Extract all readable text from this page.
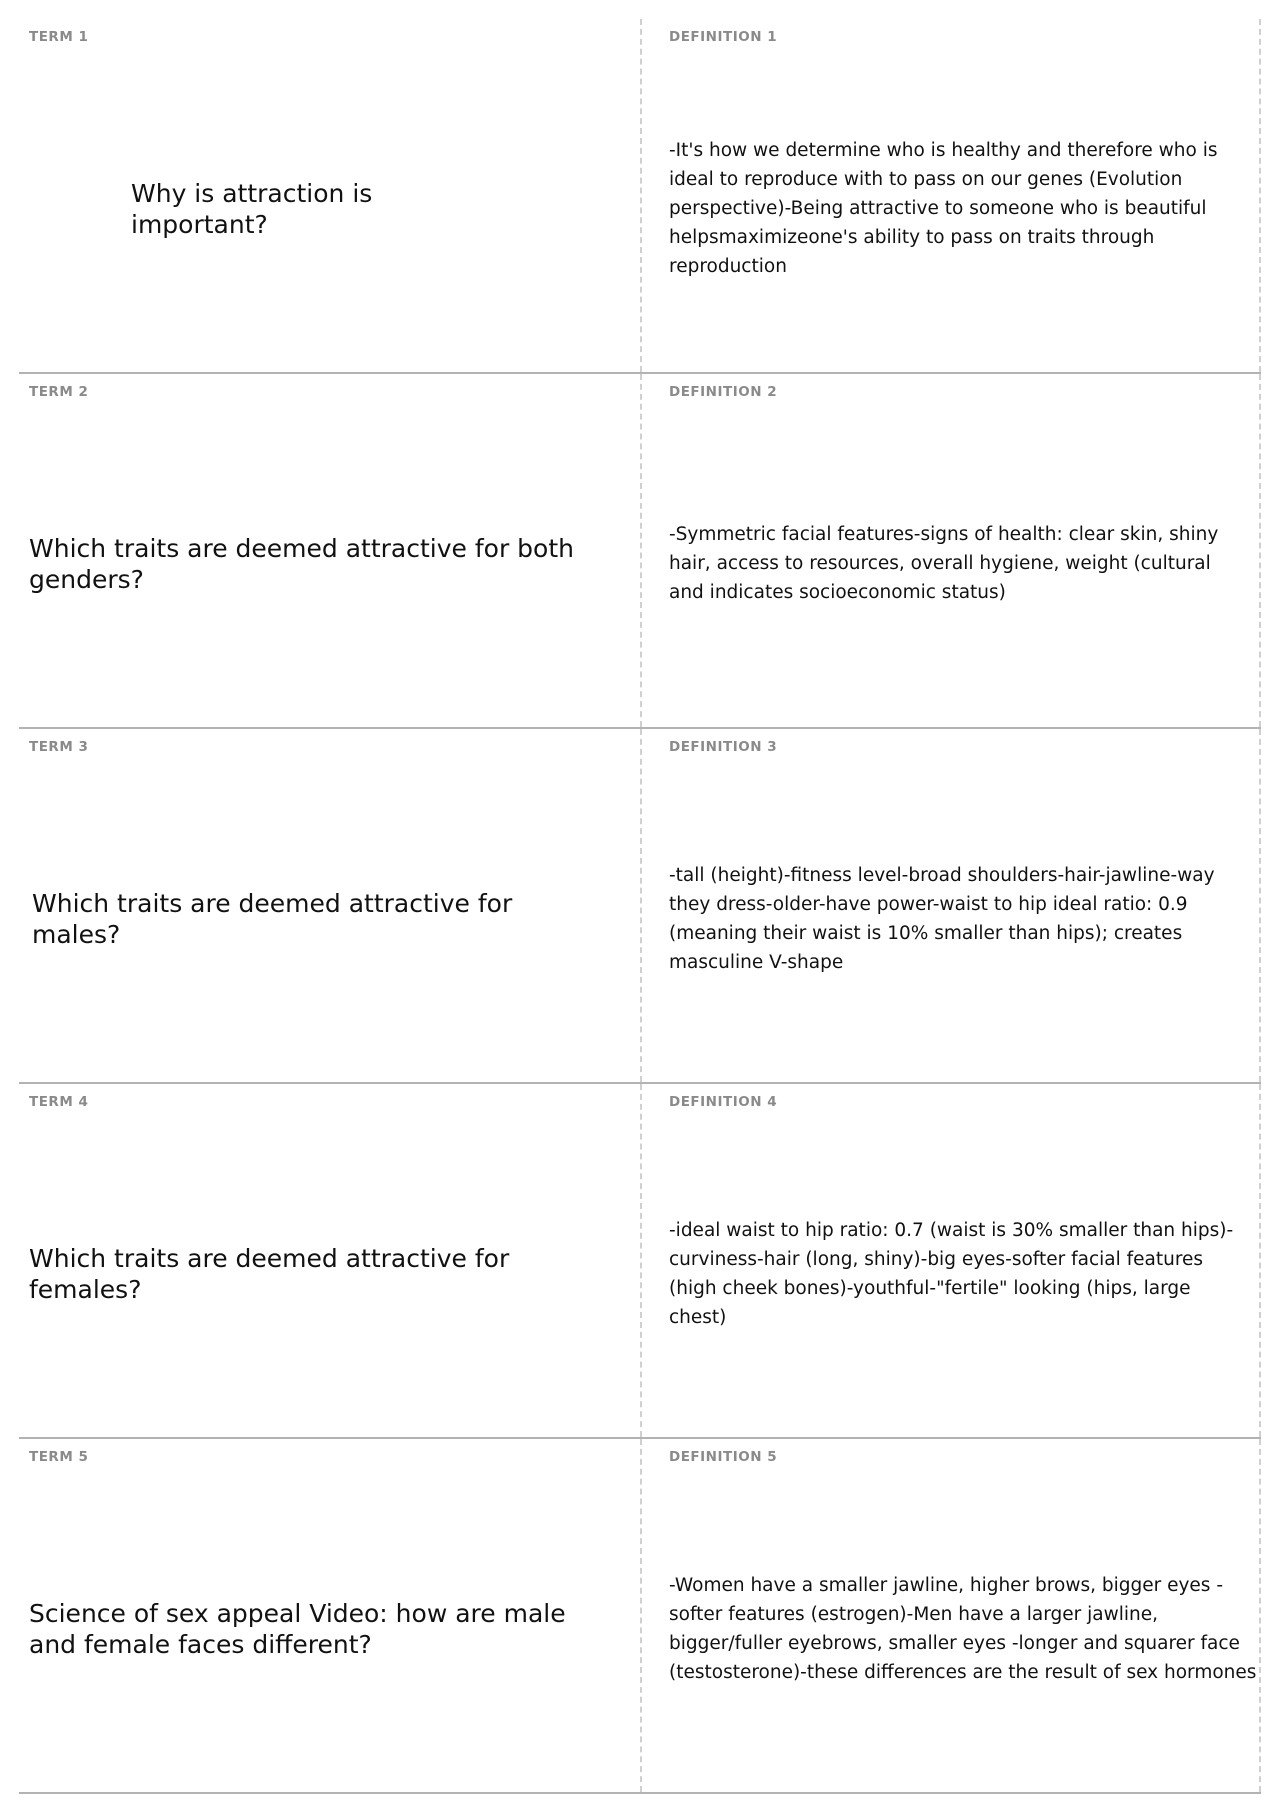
TERM 1
Why is attraction is important?
DEFINITION 1
-It's how we determine who is healthy and therefore who is ideal to reproduce with to pass on our genes (Evolution perspective)-Being attractive to someone who is beautiful helpsmaximizeone's ability to pass on traits through reproduction
TERM 2
Which traits are deemed attractive for both genders?
DEFINITION 2
-Symmetric facial features-signs of health: clear skin, shiny hair, access to resources, overall hygiene, weight (cultural and indicates socioeconomic status)
TERM 3
Which traits are deemed attractive for males?
DEFINITION 3
-tall (height)-fitness level-broad shoulders-hair-jawline-way they dress-older-have power-waist to hip ideal ratio: 0.9 (meaning their waist is 10% smaller than hips); creates masculine V-shape
TERM 4
Which traits are deemed attractive for females?
DEFINITION 4
-ideal waist to hip ratio: 0.7 (waist is 30% smaller than hips)-curviness-hair (long, shiny)-big eyes-softer facial features (high cheek bones)-youthful-"fertile" looking (hips, large chest)
TERM 5
Science of sex appeal Video: how are male and female faces different?
DEFINITION 5
-Women have a smaller jawline, higher brows, bigger eyes -softer features (estrogen)-Men have a larger jawline, bigger/fuller eyebrows, smaller eyes -longer and squarer face (testosterone)-these differences are the result of sex hormones
